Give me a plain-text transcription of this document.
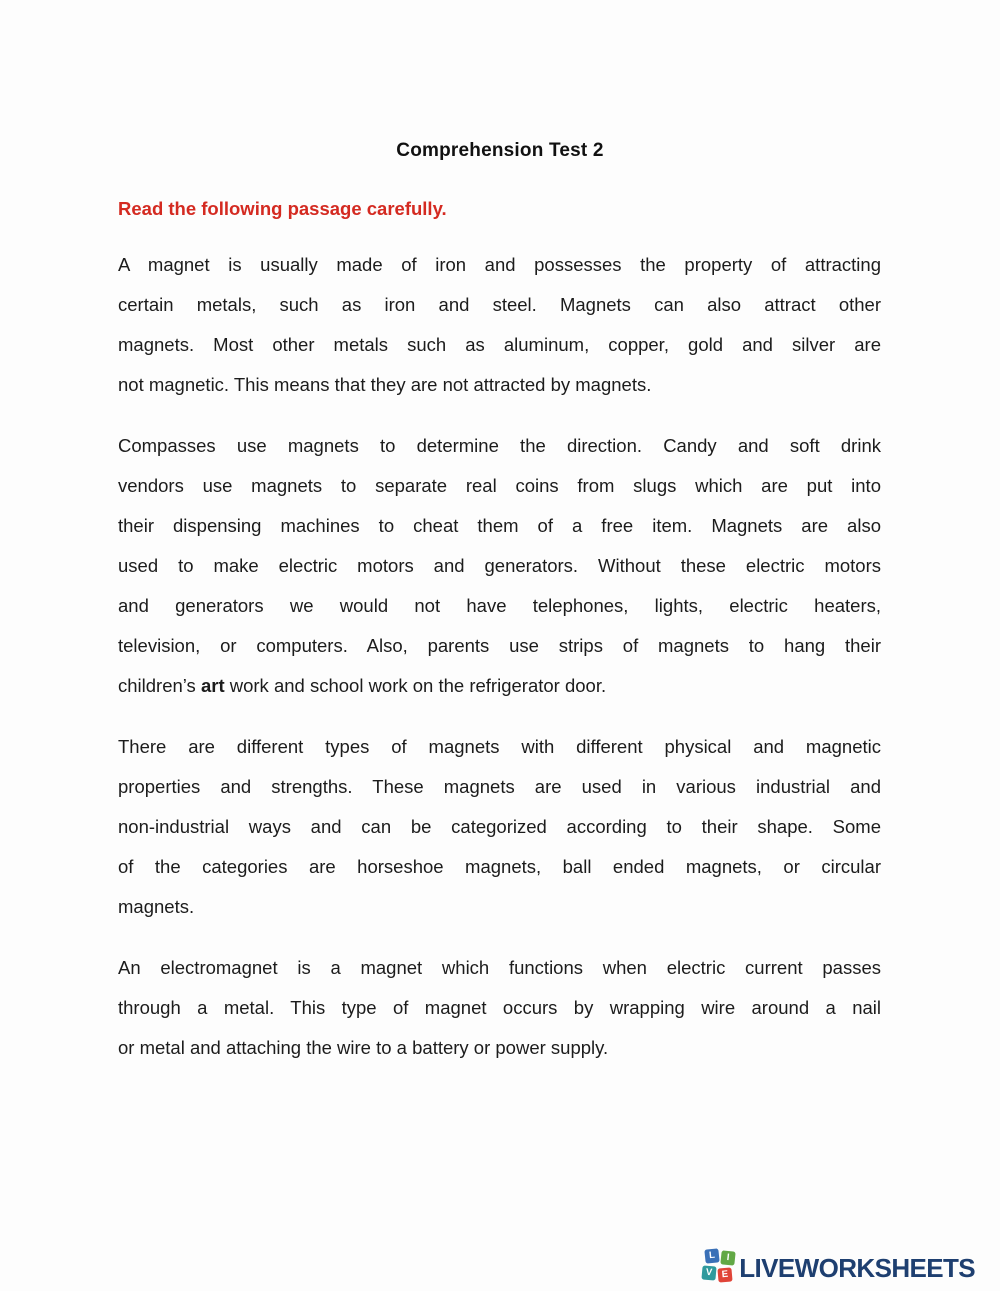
Comprehension Test 2
Read the following passage carefully.
A magnet is usually made of iron and possesses the property of attracting
certain metals, such as iron and steel. Magnets can also attract other
magnets. Most other metals such as aluminum, copper, gold and silver are
not magnetic. This means that they are not attracted by magnets.
Compasses use magnets to determine the direction. Candy and soft drink
vendors use magnets to separate real coins from slugs which are put into
their dispensing machines to cheat them of a free item. Magnets are also
used to make electric motors and generators. Without these electric motors
and generators we would not have telephones, lights, electric heaters,
television, or computers. Also, parents use strips of magnets to hang their
children’s art work and school work on the refrigerator door.
There are different types of magnets with different physical and magnetic
properties and strengths. These magnets are used in various industrial and
non-industrial ways and can be categorized according to their shape. Some
of the categories are horseshoe magnets, ball ended magnets, or circular
magnets.
An electromagnet is a magnet which functions when electric current passes
through a metal. This type of magnet occurs by wrapping wire around a nail
or metal and attaching the wire to a battery or power supply.
L	I
V E LIVEWORKSHEETS
